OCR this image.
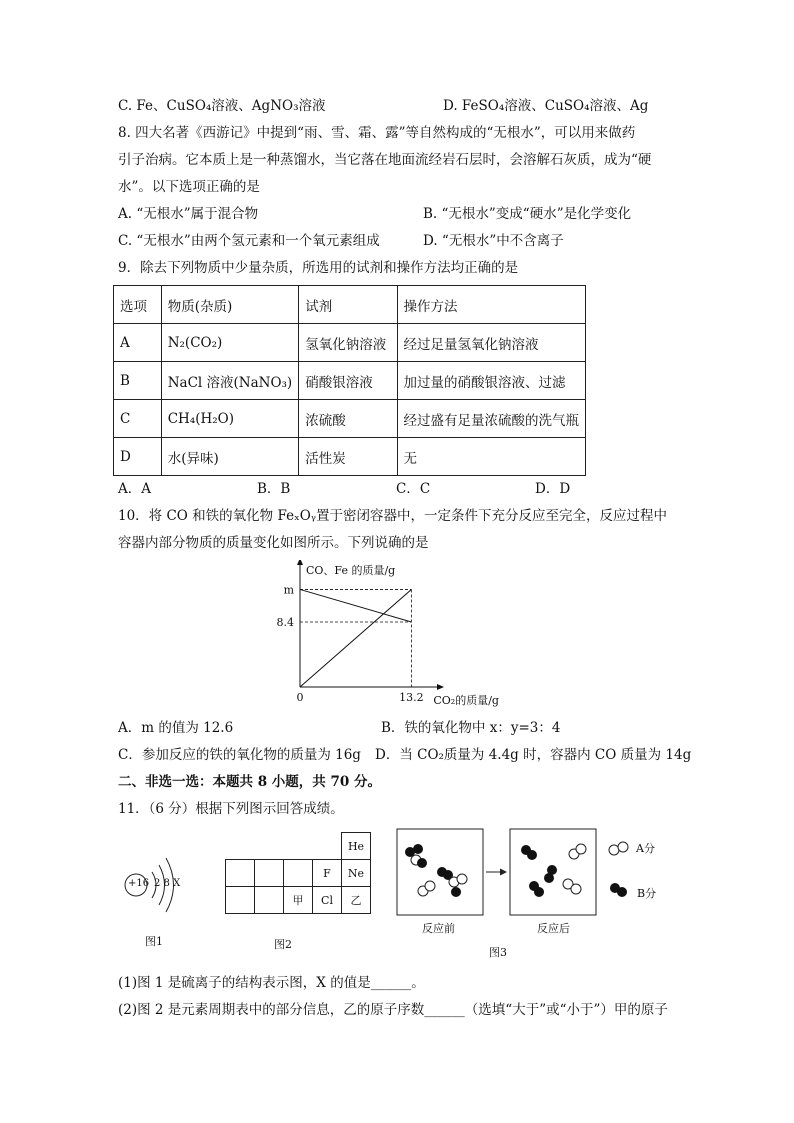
C. Fe、CuSO₄溶液、AgNO₃溶液	D. FeSO₄溶液、CuSO₄溶液、Ag
8. 四大名著《西游记》中提到“雨、雪、霜、露”等自然构成的“无根水”，可以用来做药
引子治病。它本质上是一种蒸馏水，当它落在地面流经岩石层时，会溶解石灰质，成为“硬
水”。以下选项正确的是
A. “无根水”属于混合物	B. “无根水”变成“硬水”是化学变化
C. “无根水”由两个氢元素和一个氧元素组成	D. “无根水”中不含离子
9．除去下列物质中少量杂质，所选用的试剂和操作方法均正确的是
选项	物质(杂质)	试剂	操作方法
A	N₂(CO₂)	氢氧化钠溶液	经过足量氢氧化钠溶液
B	NaCl 溶液(NaNO₃)	硝酸银溶液	加过量的硝酸银溶液、过滤
C	CH₄(H₂O)	浓硫酸	经过盛有足量浓硫酸的洗气瓶
D	水(异味)	活性炭	无
A．A	B．B	C．C	D．D
10．将 CO 和铁的氧化物 FeₓOᵧ置于密闭容器中，一定条件下充分反应至完全，反应过程中
容器内部分物质的质量变化如图所示。下列说确的是
CO、Fe 的质量/g
m
8.4
0	13.2 CO₂的质量/g
A．m 的值为 12.6	B．铁的氧化物中 x：y=3：4
C．参加反应的铁的氧化物的质量为 16g D．当 CO₂质量为 4.4g 时，容器内 CO 质量为 14g
二、非选一选：本题共 8 小题，共 70 分。
11．（6 分）根据下列图示回答成绩。
+16 2 8 X
图1
				He
			F	Ne
		甲	Cl	乙
图2
A分
B分
反应前	反应后
图3
(1)图 1 是硫离子的结构表示图，X 的值是______。
(2)图 2 是元素周期表中的部分信息，乙的原子序数______（选填“大于”或“小于”）甲的原子
